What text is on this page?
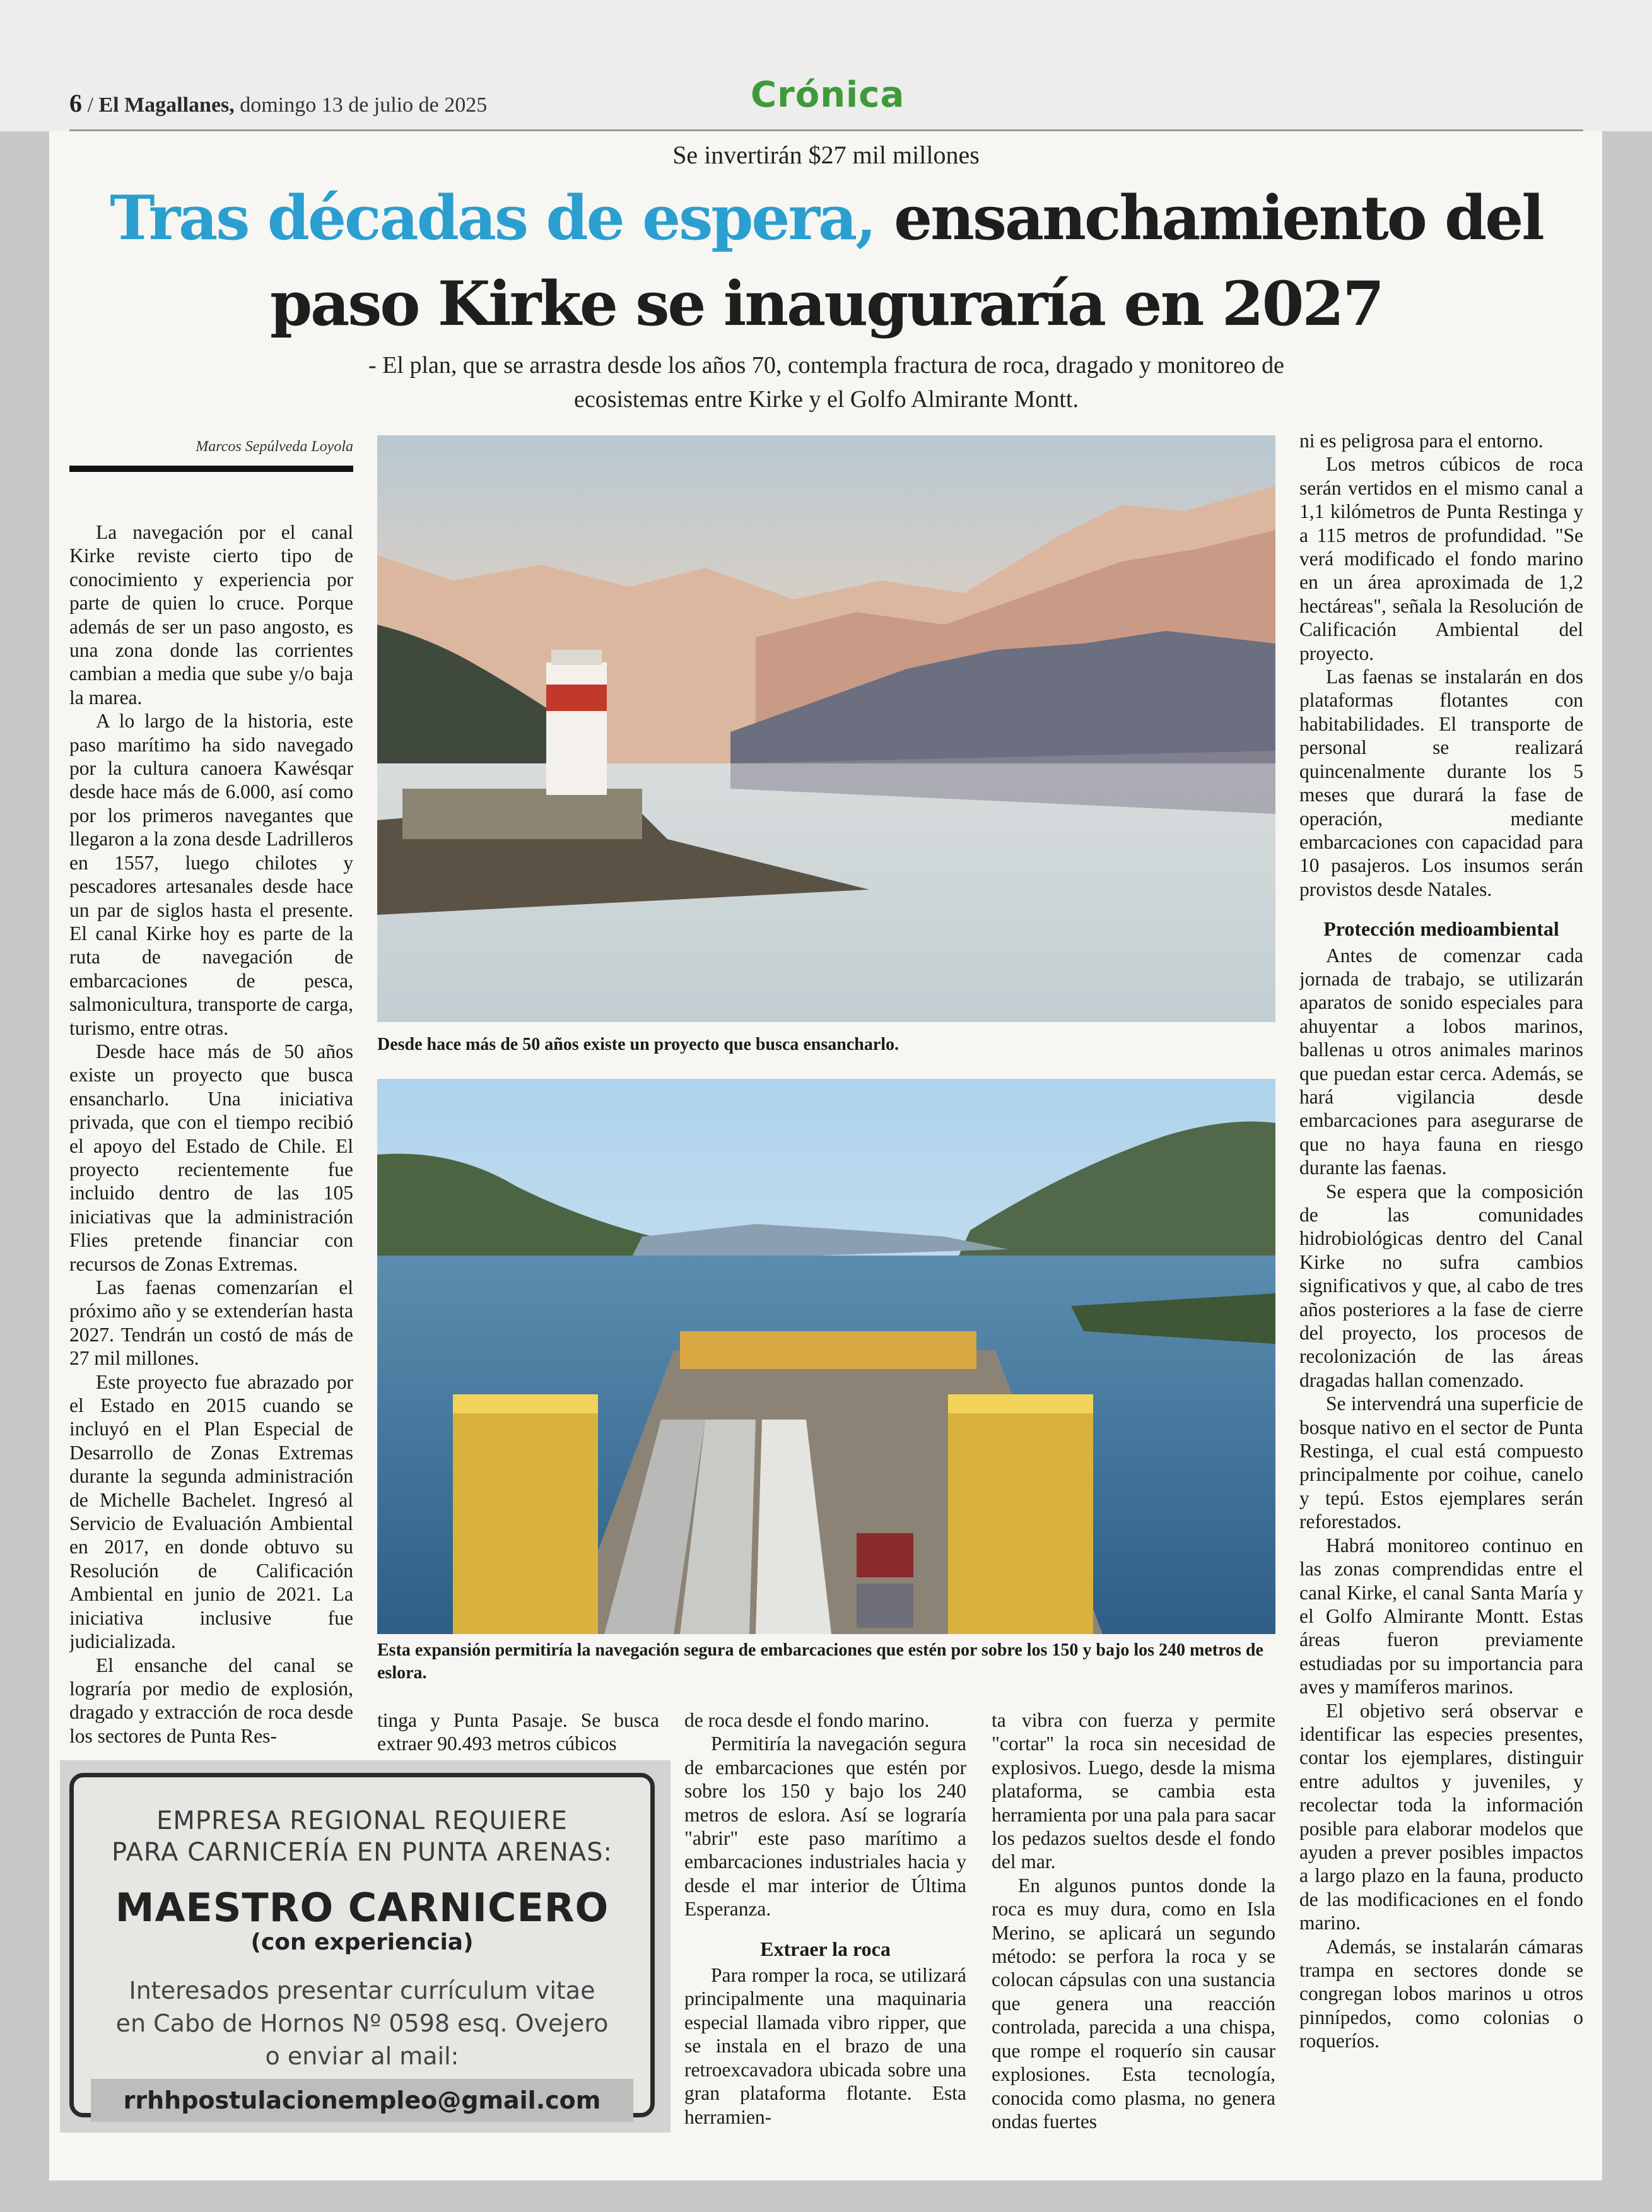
6 / El Magallanes, domingo 13 de julio de 2025	Crónica
Se invertirán $27 mil millones
Tras décadas de espera, ensanchamiento del paso Kirke se inauguraría en 2027
- El plan, que se arrastra desde los años 70, contempla fractura de roca, dragado y monitoreo de ecosistemas entre Kirke y el Golfo Almirante Montt.
Marcos Sepúlveda Loyola

La navegación por el canal Kirke reviste cierto tipo de conocimiento y experiencia por parte de quien lo cruce. Porque además de ser un paso angosto, es una zona donde las corrientes cambian a media que sube y/o baja la marea.

A lo largo de la historia, este paso marítimo ha sido navegado por la cultura canoera Kawésqar desde hace más de 6.000, así como por los primeros navegantes que llegaron a la zona desde Ladrilleros en 1557, luego chilotes y pescadores artesanales desde hace un par de siglos hasta el presente. El canal Kirke hoy es parte de la ruta de navegación de embarcaciones de pesca, salmonicultura, transporte de carga, turismo, entre otras.

Desde hace más de 50 años existe un proyecto que busca ensancharlo. Una iniciativa privada, que con el tiempo recibió el apoyo del Estado de Chile. El proyecto recientemente fue incluido dentro de las 105 iniciativas que la administración Flies pretende financiar con recursos de Zonas Extremas.

Las faenas comenzarían el próximo año y se extenderían hasta 2027. Tendrán un costó de más de 27 mil millones.

Este proyecto fue abrazado por el Estado en 2015 cuando se incluyó en el Plan Especial de Desarrollo de Zonas Extremas durante la segunda administración de Michelle Bachelet. Ingresó al Servicio de Evaluación Ambiental en 2017, en donde obtuvo su Resolución de Calificación Ambiental en junio de 2021. La iniciativa inclusive fue judicializada.

El ensanche del canal se lograría por medio de explosión, dragado y extracción de roca desde los sectores de Punta Res-

Desde hace más de 50 años existe un proyecto que busca ensancharlo.
Esta expansión permitiría la navegación segura de embarcaciones que estén por sobre los 150 y bajo los 240 metros de eslora.

tinga y Punta Pasaje. Se busca extraer 90.493 metros cúbicos

de roca desde el fondo marino.

Permitiría la navegación segura de embarcaciones que estén por sobre los 150 y bajo los 240 metros de eslora. Así se lograría "abrir" este paso marítimo a embarcaciones industriales hacia y desde el mar interior de Última Esperanza.

Extraer la roca

Para romper la roca, se utilizará principalmente una maquinaria especial llamada vibro ripper, que se instala en el brazo de una retroexcavadora ubicada sobre una gran plataforma flotante. Esta herramien-

ta vibra con fuerza y permite "cortar" la roca sin necesidad de explosivos. Luego, desde la misma plataforma, se cambia esta herramienta por una pala para sacar los pedazos sueltos desde el fondo del mar.

En algunos puntos donde la roca es muy dura, como en Isla Merino, se aplicará un segundo método: se perfora la roca y se colocan cápsulas con una sustancia que genera una reacción controlada, parecida a una chispa, que rompe el roquerío sin causar explosiones. Esta tecnología, conocida como plasma, no genera ondas fuertes

ni es peligrosa para el entorno.

Los metros cúbicos de roca serán vertidos en el mismo canal a 1,1 kilómetros de Punta Restinga y a 115 metros de profundidad. "Se verá modificado el fondo marino en un área aproximada de 1,2 hectáreas", señala la Resolución de Calificación Ambiental del proyecto.

Las faenas se instalarán en dos plataformas flotantes con habitabilidades. El transporte de personal se realizará quincenalmente durante los 5 meses que durará la fase de operación, mediante embarcaciones con capacidad para 10 pasajeros. Los insumos serán provistos desde Natales.

Protección medioambiental

Antes de comenzar cada jornada de trabajo, se utilizarán aparatos de sonido especiales para ahuyentar a lobos marinos, ballenas u otros animales marinos que puedan estar cerca. Además, se hará vigilancia desde embarcaciones para asegurarse de que no haya fauna en riesgo durante las faenas.

Se espera que la composición de las comunidades hidrobiológicas dentro del Canal Kirke no sufra cambios significativos y que, al cabo de tres años posteriores a la fase de cierre del proyecto, los procesos de recolonización de las áreas dragadas hallan comenzado.

Se intervendrá una superficie de bosque nativo en el sector de Punta Restinga, el cual está compuesto principalmente por coihue, canelo y tepú. Estos ejemplares serán reforestados.

Habrá monitoreo continuo en las zonas comprendidas entre el canal Kirke, el canal Santa María y el Golfo Almirante Montt. Estas áreas fueron previamente estudiadas por su importancia para aves y mamíferos marinos.

El objetivo será observar e identificar las especies presentes, contar los ejemplares, distinguir entre adultos y juveniles, y recolectar toda la información posible para elaborar modelos que ayuden a prever posibles impactos a largo plazo en la fauna, producto de las modificaciones en el fondo marino.

Además, se instalarán cámaras trampa en sectores donde se congregan lobos marinos u otros pinnípedos, como colonias o roqueríos.

EMPRESA REGIONAL REQUIERE
PARA CARNICERÍA EN PUNTA ARENAS:
MAESTRO CARNICERO
(con experiencia)
Interesados presentar currículum vitae
en Cabo de Hornos Nº 0598 esq. Ovejero
o enviar al mail:
rrhhpostulacionempleo@gmail.com
